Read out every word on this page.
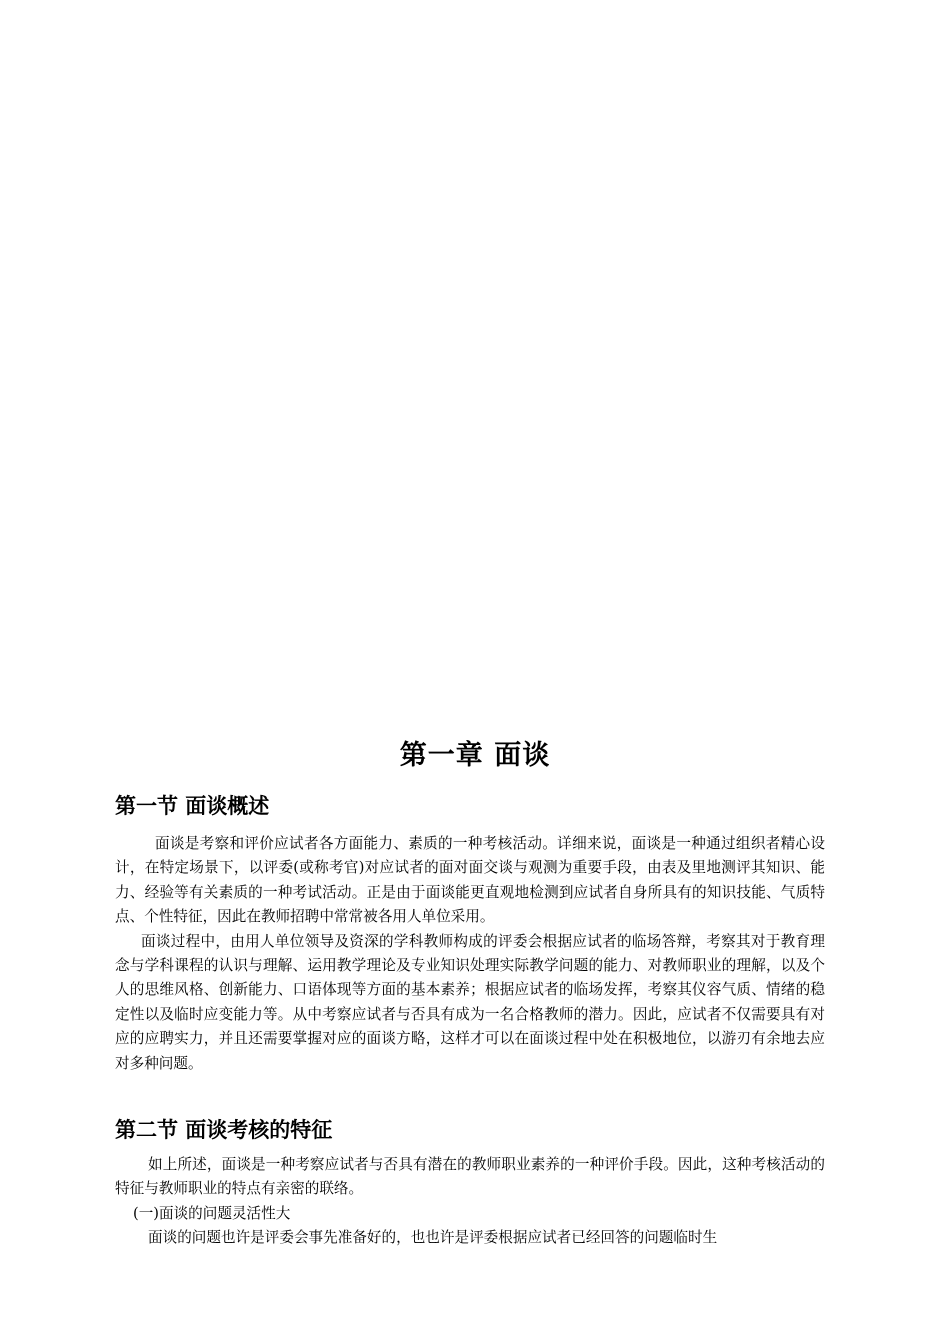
第一章 面谈
第一节 面谈概述

面谈是考察和评价应试者各方面能力、素质的一种考核活动。详细来说，面谈是一种通过组织者精心设计，在特定场景下，以评委(或称考官)对应试者的面对面交谈与观测为重要手段，由表及里地测评其知识、能力、经验等有关素质的一种考试活动。正是由于面谈能更直观地检测到应试者自身所具有的知识技能、气质特点、个性特征，因此在教师招聘中常常被各用人单位采用。

面谈过程中，由用人单位领导及资深的学科教师构成的评委会根据应试者的临场答辩，考察其对于教育理念与学科课程的认识与理解、运用教学理论及专业知识处理实际教学问题的能力、对教师职业的理解，以及个人的思维风格、创新能力、口语体现等方面的基本素养；根据应试者的临场发挥，考察其仪容气质、情绪的稳定性以及临时应变能力等。从中考察应试者与否具有成为一名合格教师的潜力。因此，应试者不仅需要具有对应的应聘实力，并且还需要掌握对应的面谈方略，这样才可以在面谈过程中处在积极地位，以游刃有余地去应对多种问题。

第二节 面谈考核的特征

如上所述，面谈是一种考察应试者与否具有潜在的教师职业素养的一种评价手段。因此，这种考核活动的特征与教师职业的特点有亲密的联络。

(一)面谈的问题灵活性大

面谈的问题也许是评委会事先准备好的，也也许是评委根据应试者已经回答的问题临时生
